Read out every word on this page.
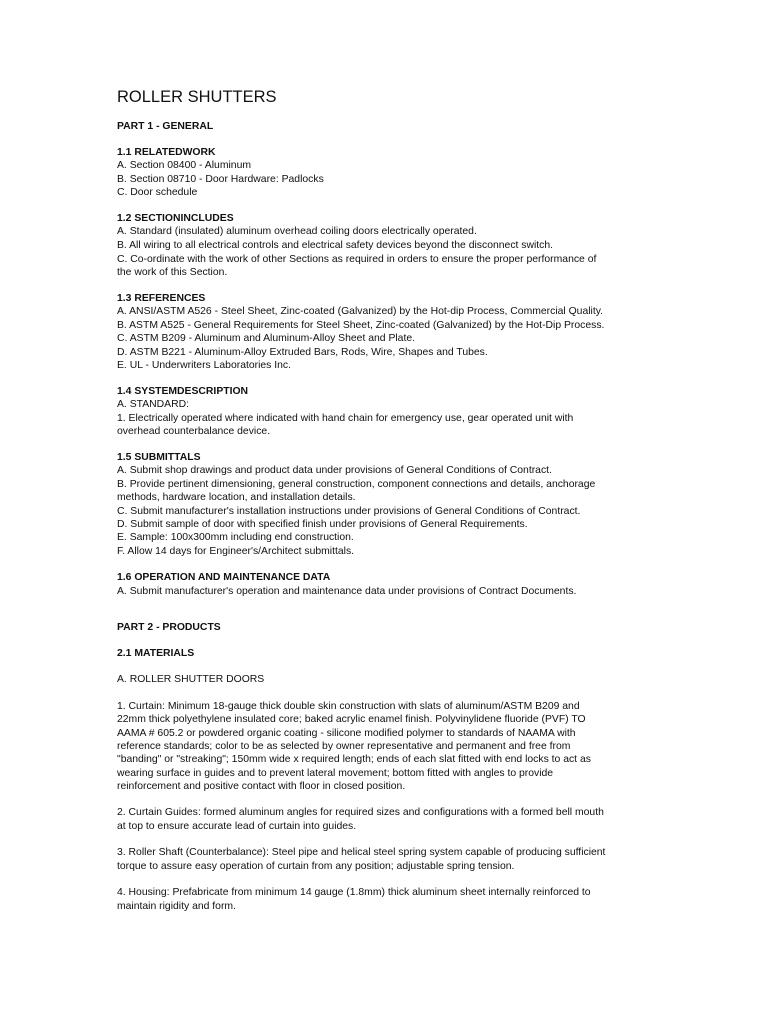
ROLLER SHUTTERS
PART 1 - GENERAL
1.1 RELATEDWORK
A. Section 08400 - Aluminum
B. Section 08710 - Door Hardware: Padlocks
C. Door schedule
1.2 SECTIONINCLUDES
A. Standard (insulated) aluminum overhead coiling doors electrically operated.
B. All wiring to all electrical controls and electrical safety devices beyond the disconnect switch.
C. Co-ordinate with the work of other Sections as required in orders to ensure the proper performance of
the work of this Section.
1.3 REFERENCES
A. ANSI/ASTM A526 - Steel Sheet, Zinc-coated (Galvanized) by the Hot-dip Process, Commercial Quality.
B. ASTM A525 - General Requirements for Steel Sheet, Zinc-coated (Galvanized) by the Hot-Dip Process.
C. ASTM B209 - Aluminum and Aluminum-Alloy Sheet and Plate.
D. ASTM B221 - Aluminum-Alloy Extruded Bars, Rods, Wire, Shapes and Tubes.
E. UL - Underwriters Laboratories Inc.
1.4 SYSTEMDESCRIPTION
A. STANDARD:
1. Electrically operated where indicated with hand chain for emergency use, gear operated unit with
overhead counterbalance device.
1.5 SUBMITTALS
A. Submit shop drawings and product data under provisions of General Conditions of Contract.
B. Provide pertinent dimensioning, general construction, component connections and details, anchorage
methods, hardware location, and installation details.
C. Submit manufacturer's installation instructions under provisions of General Conditions of Contract.
D. Submit sample of door with specified finish under provisions of General Requirements.
E. Sample: 100x300mm including end construction.
F. Allow 14 days for Engineer's/Architect submittals.
1.6 OPERATION AND MAINTENANCE DATA
A. Submit manufacturer's operation and maintenance data under provisions of Contract Documents.
PART 2 - PRODUCTS
2.1 MATERIALS
A. ROLLER SHUTTER DOORS
1. Curtain: Minimum 18-gauge thick double skin construction with slats of aluminum/ASTM B209 and
22mm thick polyethylene insulated core; baked acrylic enamel finish. Polyvinylidene fluoride (PVF) TO
AAMA # 605.2 or powdered organic coating - silicone modified polymer to standards of NAAMA with
reference standards; color to be as selected by owner representative and permanent and free from
"banding" or "streaking"; 150mm wide x required length; ends of each slat fitted with end locks to act as
wearing surface in guides and to prevent lateral movement; bottom fitted with angles to provide
reinforcement and positive contact with floor in closed position.
2. Curtain Guides: formed aluminum angles for required sizes and configurations with a formed bell mouth
at top to ensure accurate lead of curtain into guides.
3. Roller Shaft (Counterbalance): Steel pipe and helical steel spring system capable of producing sufficient
torque to assure easy operation of curtain from any position; adjustable spring tension.
4. Housing: Prefabricate from minimum 14 gauge (1.8mm) thick aluminum sheet internally reinforced to
maintain rigidity and form.
